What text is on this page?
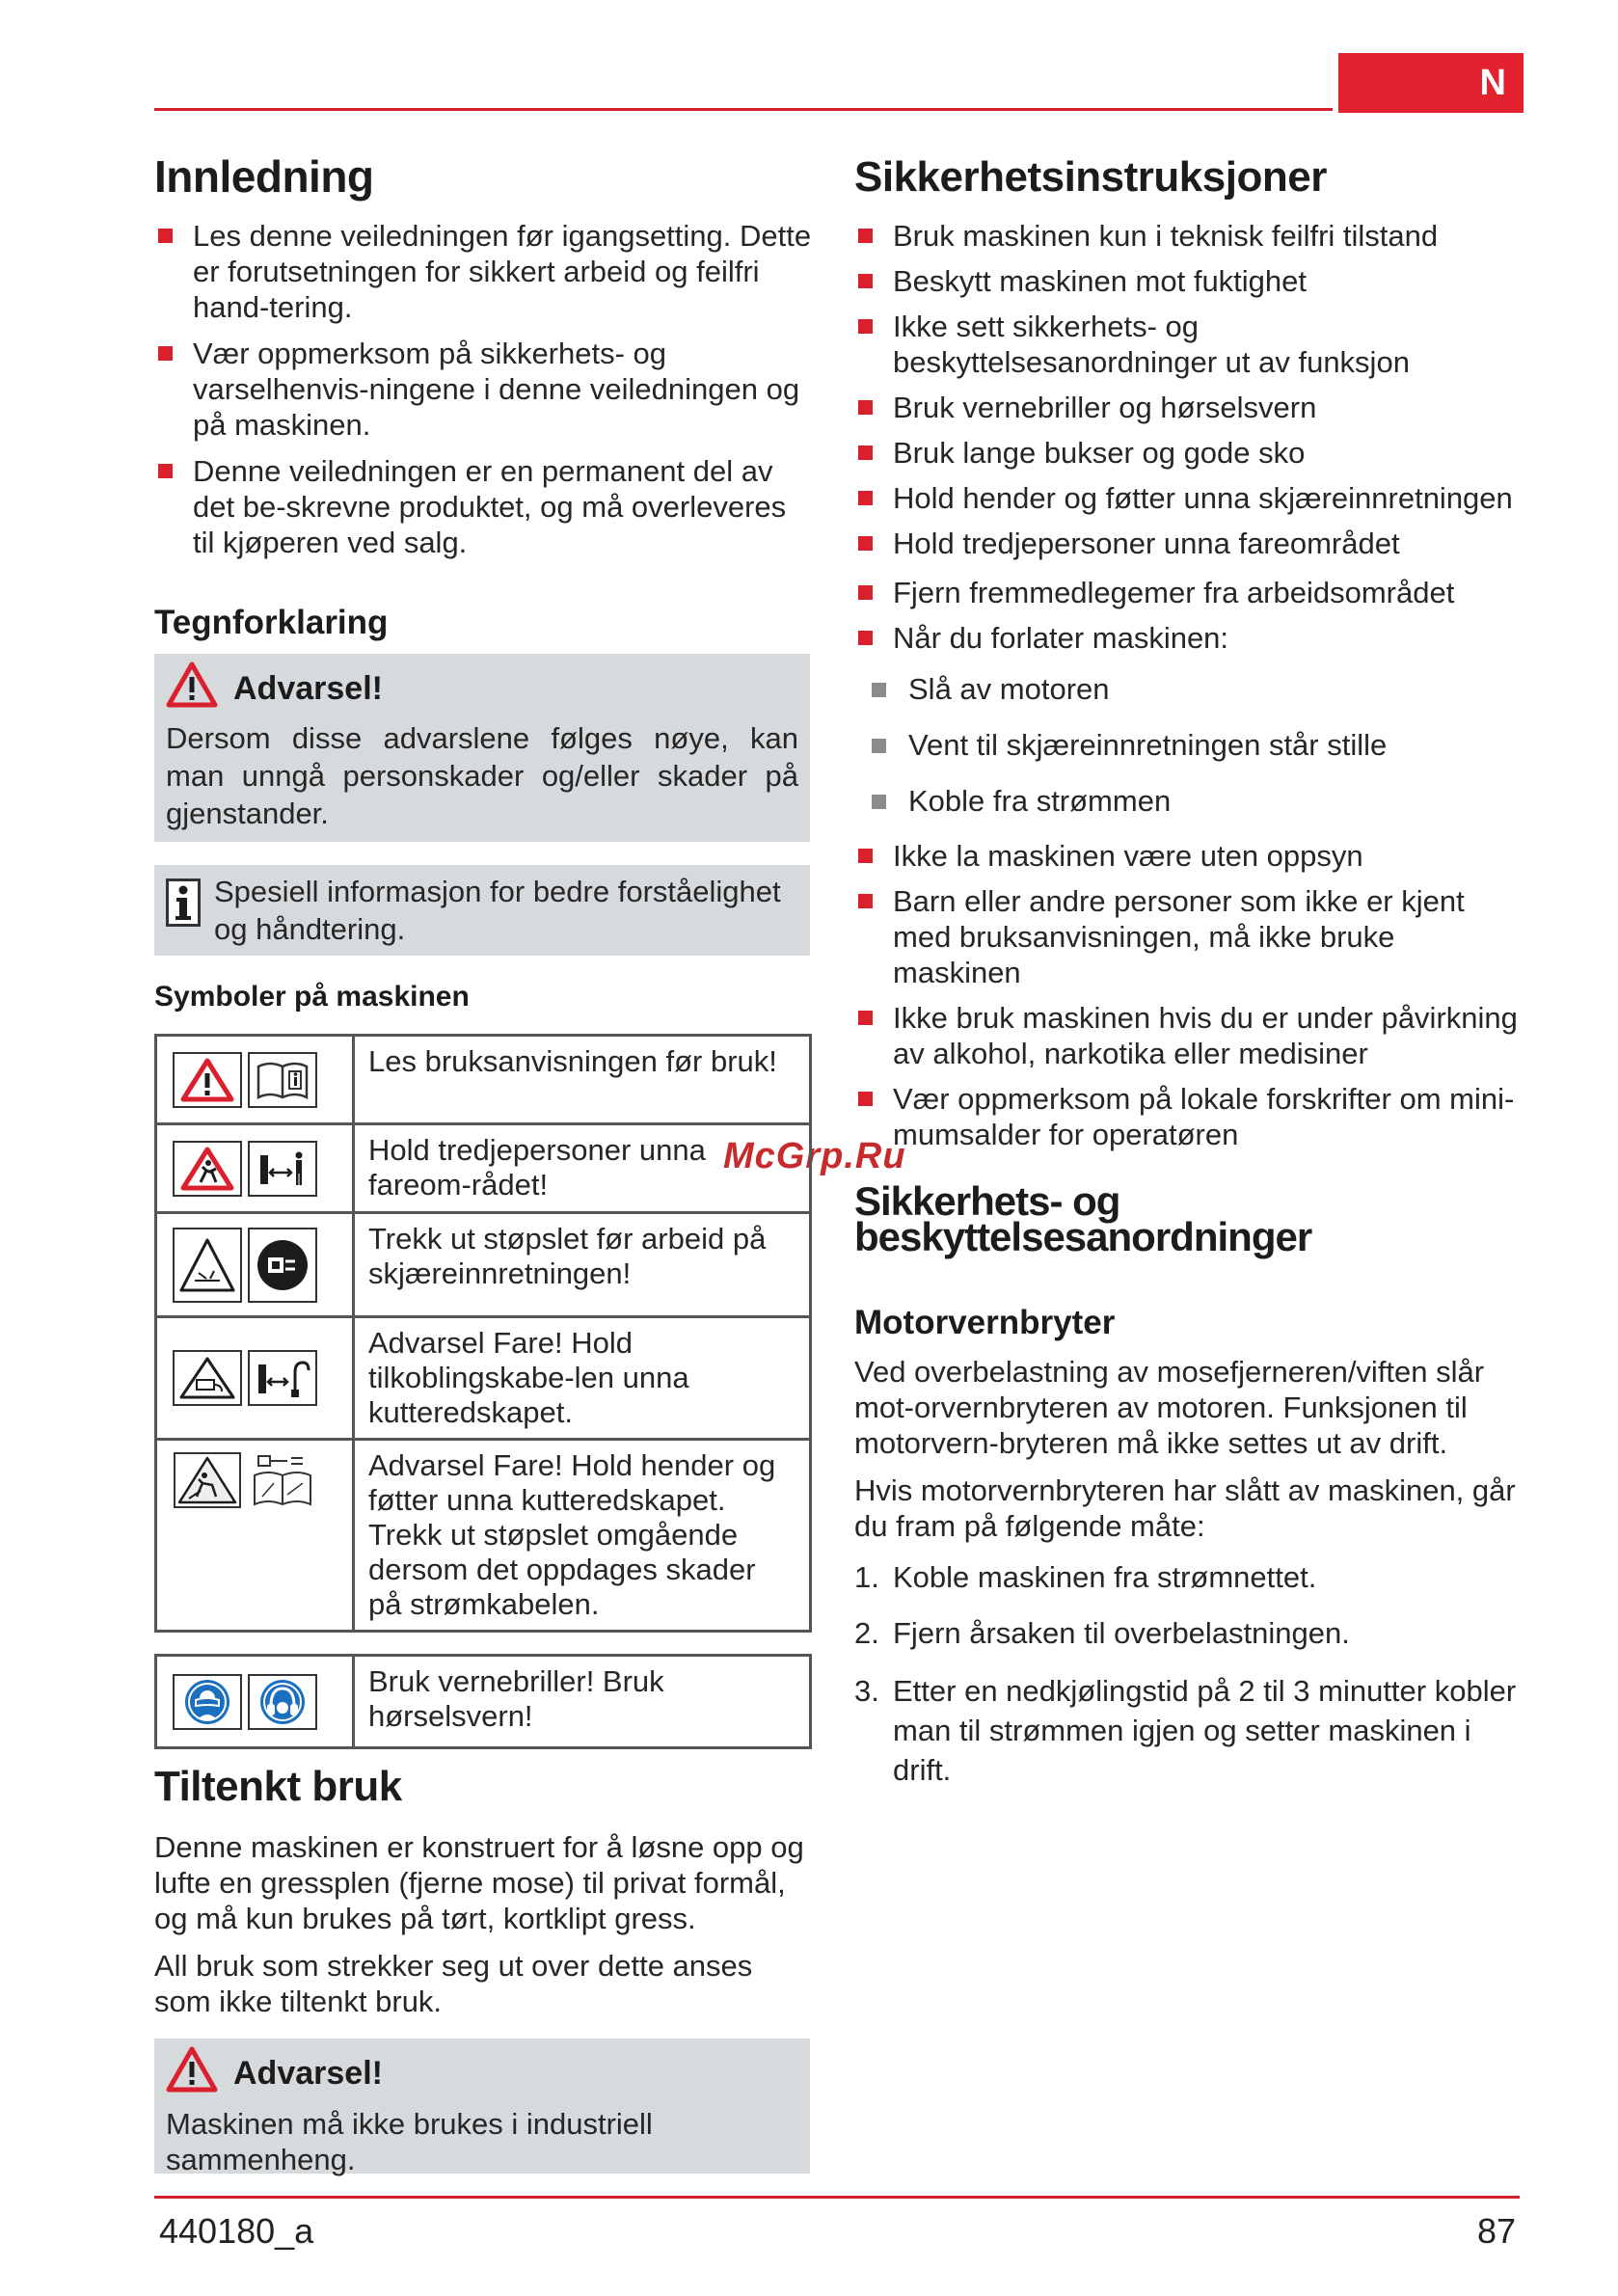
N
440180_a	87
McGrp.Ru
Innledning
Les denne veiledningen før igangsetting. Dette er forutsetningen for sikkert arbeid og feilfri hand-tering.
Vær oppmerksom på sikkerhets- og varselhenvis-ningene i denne veiledningen og på maskinen.
Denne veiledningen er en permanent del av det be-skrevne produktet, og må overleveres til kjøperen ved salg.
Tegnforklaring
Advarsel!
Dersom disse advarslene følges nøye, kan man unngå personskader og/eller skader på gjenstander.
Spesiell informasjon for bedre forståelighet og håndtering.
Symboler på maskinen
	Les bruksanvisningen før bruk!

	Hold tredjepersoner unna fareom-rådet!

	Trekk ut støpslet før arbeid på skjæreinnretningen!

	Advarsel Fare! Hold tilkoblingskabe-len unna kutteredskapet.

	Advarsel Fare! Hold hender og føtter unna kutteredskapet. Trekk ut støpslet omgående dersom det oppdages skader på strømkabelen.
	Bruk vernebriller! Bruk hørselsvern!
Tiltenkt bruk

Denne maskinen er konstruert for å løsne opp og lufte en gressplen (fjerne mose) til privat formål, og må kun brukes på tørt, kortklipt gress.

All bruk som strekker seg ut over dette anses som ikke tiltenkt bruk.

Advarsel!
Maskinen må ikke brukes i industriell sammenheng.
Sikkerhetsinstruksjoner
Bruk maskinen kun i teknisk feilfri tilstand
Beskytt maskinen mot fuktighet
Ikke sett sikkerhets- og beskyttelsesanordninger ut av funksjon
Bruk vernebriller og hørselsvern
Bruk lange bukser og gode sko
Hold hender og føtter unna skjæreinnretningen
Hold tredjepersoner unna fareområdet
Fjern fremmedlegemer fra arbeidsområdet
Når du forlater maskinen:
Slå av motoren
Vent til skjæreinnretningen står stille
Koble fra strømmen
Ikke la maskinen være uten oppsyn
Barn eller andre personer som ikke er kjent med bruksanvisningen, må ikke bruke maskinen
Ikke bruk maskinen hvis du er under påvirkning av alkohol, narkotika eller medisiner
Vær oppmerksom på lokale forskrifter om mini-mumsalder for operatøren
Sikkerhets- og beskyttelsesanordninger
Motorvernbryter

Ved overbelastning av mosefjerneren/viften slår mot-orvernbryteren av motoren. Funksjonen til motorvern-bryteren må ikke settes ut av drift.

Hvis motorvernbryteren har slått av maskinen, går du fram på følgende måte:

1. Koble maskinen fra strømnettet.
2. Fjern årsaken til overbelastningen.
3. Etter en nedkjølingstid på 2 til 3 minutter kobler man til strømmen igjen og setter maskinen i drift.
